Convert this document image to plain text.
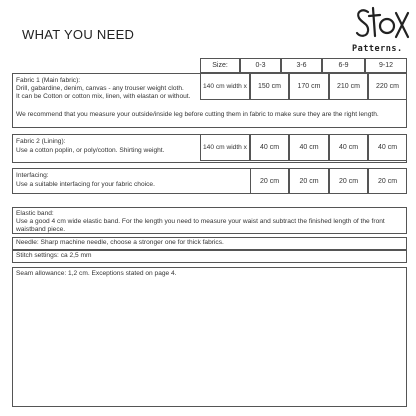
WHAT YOU NEED
Patterns.
Size:	0-3	3-6	6-9	9-12
Fabric 1 (Main fabric):
Drill, gabardine, denim, canvas - any trouser weight cloth.
It can be Cotton or cotton mix, linen, with elastan or without.
140 cm width x	150 cm	170 cm	210 cm	220 cm
We recommend that you measure your outside/inside leg before cutting them in fabric to make sure they are the right length.
Fabric 2 (Lining):
Use a cotton poplin, or poly/cotton. Shirting weight.	140 cm width x	40 cm	40 cm	40 cm	40 cm
Interfacing:
Use a suitable interfacing for your fabric choice.	20 cm	20 cm	20 cm	20 cm
Elastic band:
Use a good 4 cm wide elastic band. For the length you need to measure your waist and subtract the finished length of the front
waistband piece.
Needle: Sharp machine needle, choose a stronger one for thick fabrics.
Stitch settings: ca 2,5 mm
Seam allowance: 1,2 cm. Exceptions stated on page 4.
